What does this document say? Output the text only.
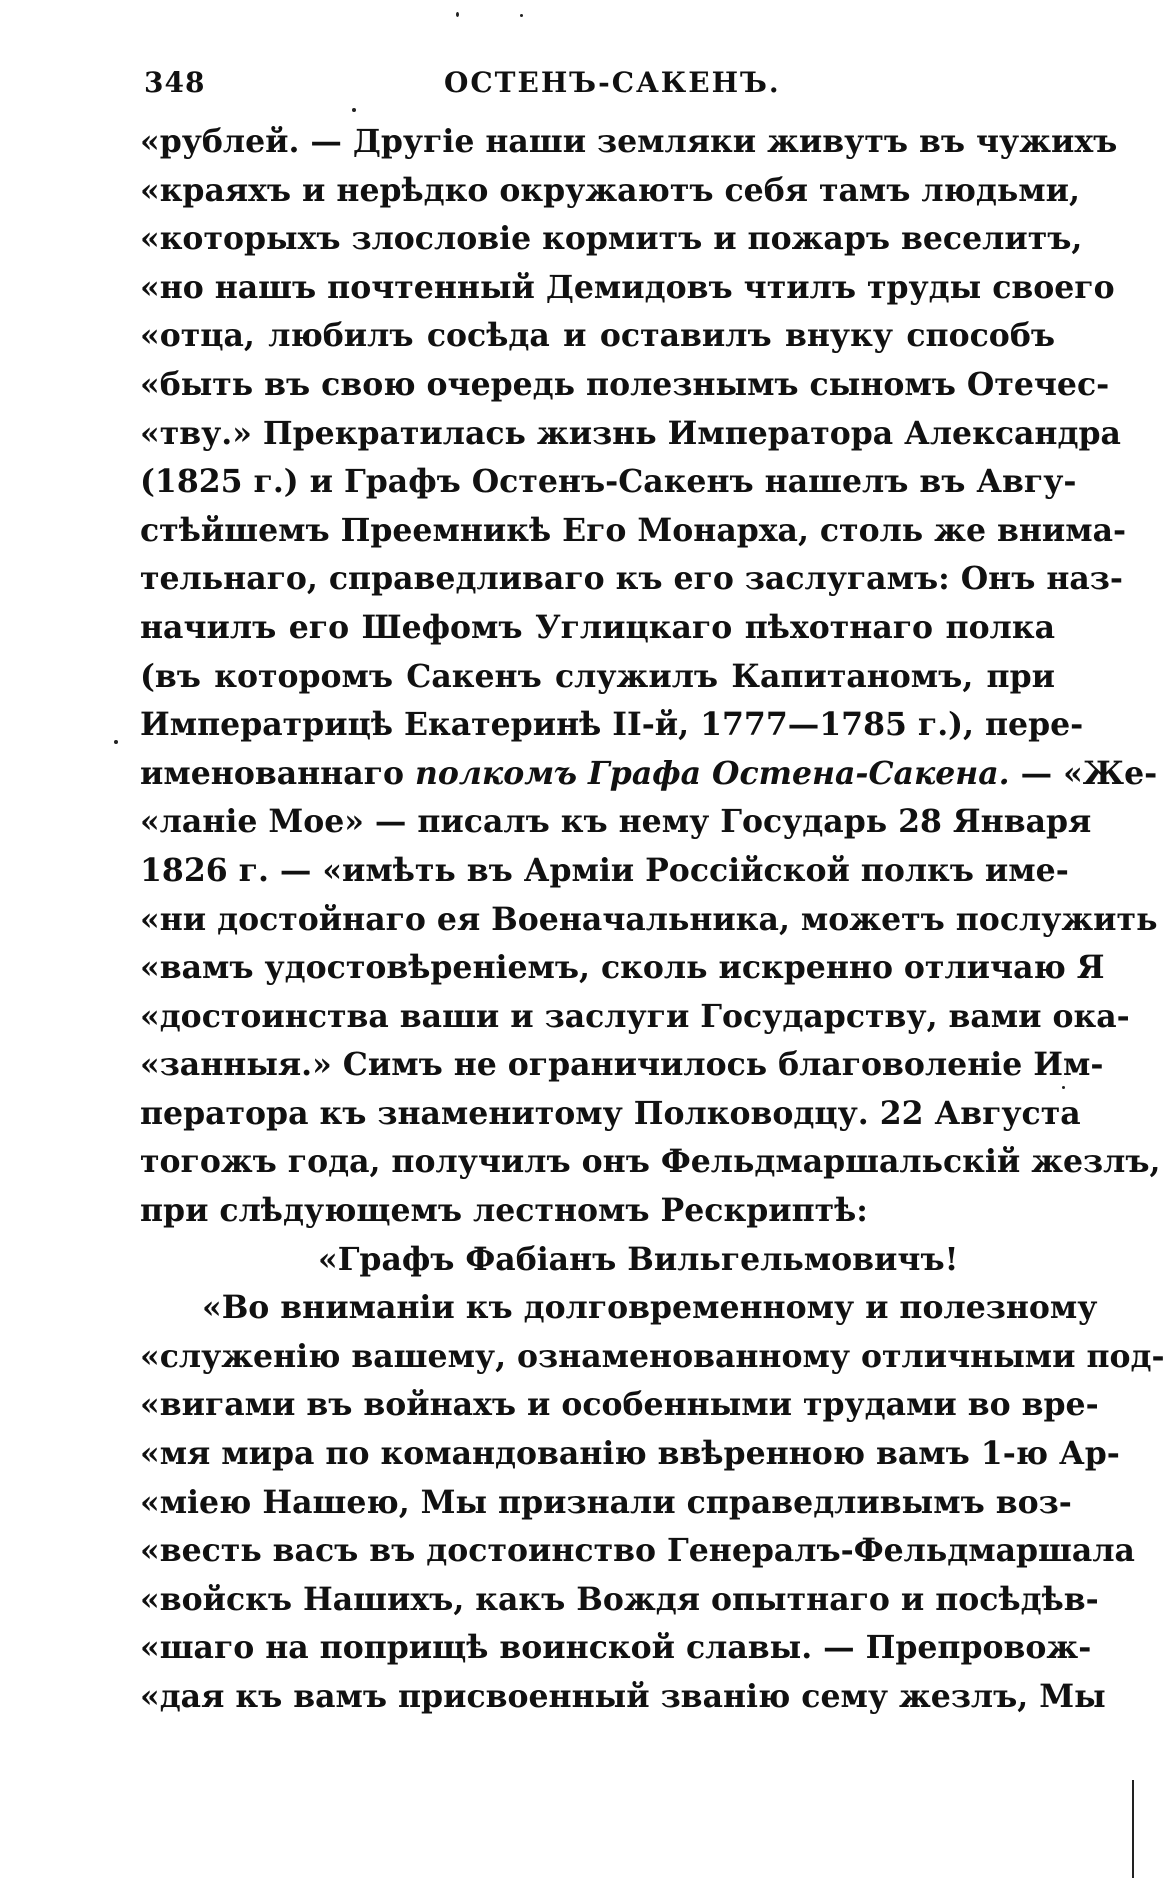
348	ОСТЕНЪ-САКЕНЪ.
«рублей. — Другіе наши земляки живутъ въ чужихъ
«краяхъ и нерѣдко окружаютъ себя тамъ людьми,
«которыхъ злословіе кормитъ и пожаръ веселитъ,
«но нашъ почтенный Демидовъ чтилъ труды своего
«отца, любилъ сосѣда и оставилъ внуку способъ
«быть въ свою очередь полезнымъ сыномъ Отечес-
«тву.» Прекратилась жизнь Императора Александра
(1825 г.) и Графъ Остенъ-Сакенъ нашелъ въ Авгу-
стѣйшемъ Преемникѣ Его Монарха, столь же внима-
тельнаго, справедливаго къ его заслугамъ: Онъ наз-
начилъ его Шефомъ Углицкаго пѣхотнаго полка
(въ которомъ Сакенъ служилъ Капитаномъ, при
Императрицѣ Екатеринѣ II-й, 1777—1785 г.), пере-
именованнаго полкомъ Графа Остена-Сакена. — «Же-
«ланіе Мое» — писалъ къ нему Государь 28 Января
1826 г. — «имѣть въ Арміи Россійской полкъ име-
«ни достойнаго ея Военачальника, можетъ послужить
«вамъ удостовѣреніемъ, сколь искренно отличаю Я
«достоинства ваши и заслуги Государству, вами ока-
«занныя.» Симъ не ограничилось благоволеніе Им-
ператора къ знаменитому Полководцу. 22 Августа
тогожъ года, получилъ онъ Фельдмаршальскій жезлъ,
при слѣдующемъ лестномъ Рескриптѣ:
«Графъ Фабіанъ Вильгельмовичъ!
«Во вниманіи къ долговременному и полезному
«служенію вашему, ознаменованному отличными под-
«вигами въ войнахъ и особенными трудами во вре-
«мя мира по командованію ввѣренною вамъ 1-ю Ар-
«міею Нашею, Мы признали справедливымъ воз-
«весть васъ въ достоинство Генералъ-Фельдмаршала
«войскъ Нашихъ, какъ Вождя опытнаго и посѣдѣв-
«шаго на поприщѣ воинской славы. — Препровож-
«дая къ вамъ присвоенный званію сему жезлъ, Мы
